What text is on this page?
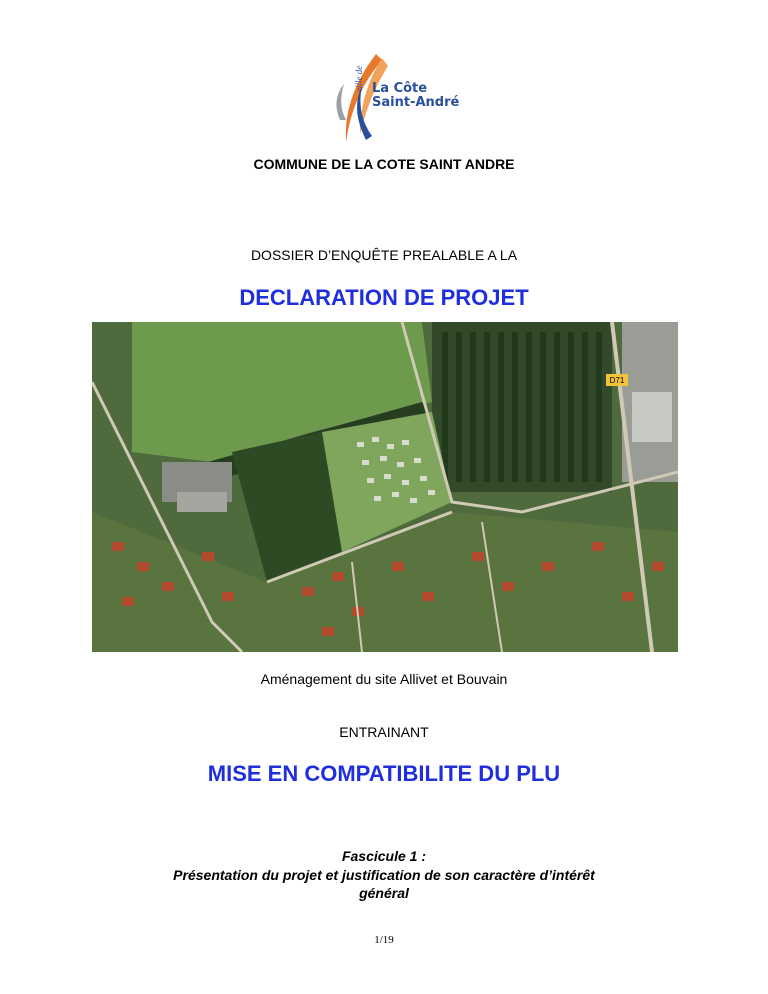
La Côte
Saint-André
ville de
COMMUNE DE LA COTE SAINT ANDRE
DOSSIER D’ENQUÊTE PREALABLE A LA
DECLARATION DE PROJET
D71
Aménagement du site Allivet et Bouvain
ENTRAINANT
MISE EN COMPATIBILITE DU PLU
Fascicule 1 :
Présentation du projet et justification de son caractère d’intérêt
général
1/19
